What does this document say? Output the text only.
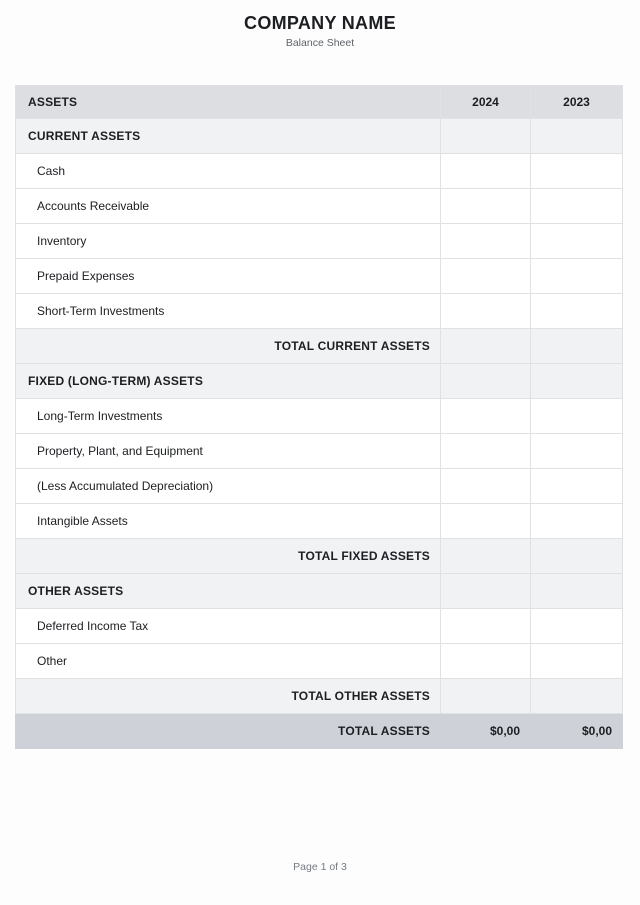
COMPANY NAME
Balance Sheet
ASSETS	2024	2023
CURRENT ASSETS		
Cash		
Accounts Receivable		
Inventory		
Prepaid Expenses		
Short-Term Investments		
TOTAL CURRENT ASSETS		
FIXED (LONG-TERM) ASSETS		
Long-Term Investments		
Property, Plant, and Equipment		
(Less Accumulated Depreciation)		
Intangible Assets		
TOTAL FIXED ASSETS		
OTHER ASSETS		
Deferred Income Tax		
Other		
TOTAL OTHER ASSETS		
TOTAL ASSETS	$0,00	$0,00
Page 1 of 3
